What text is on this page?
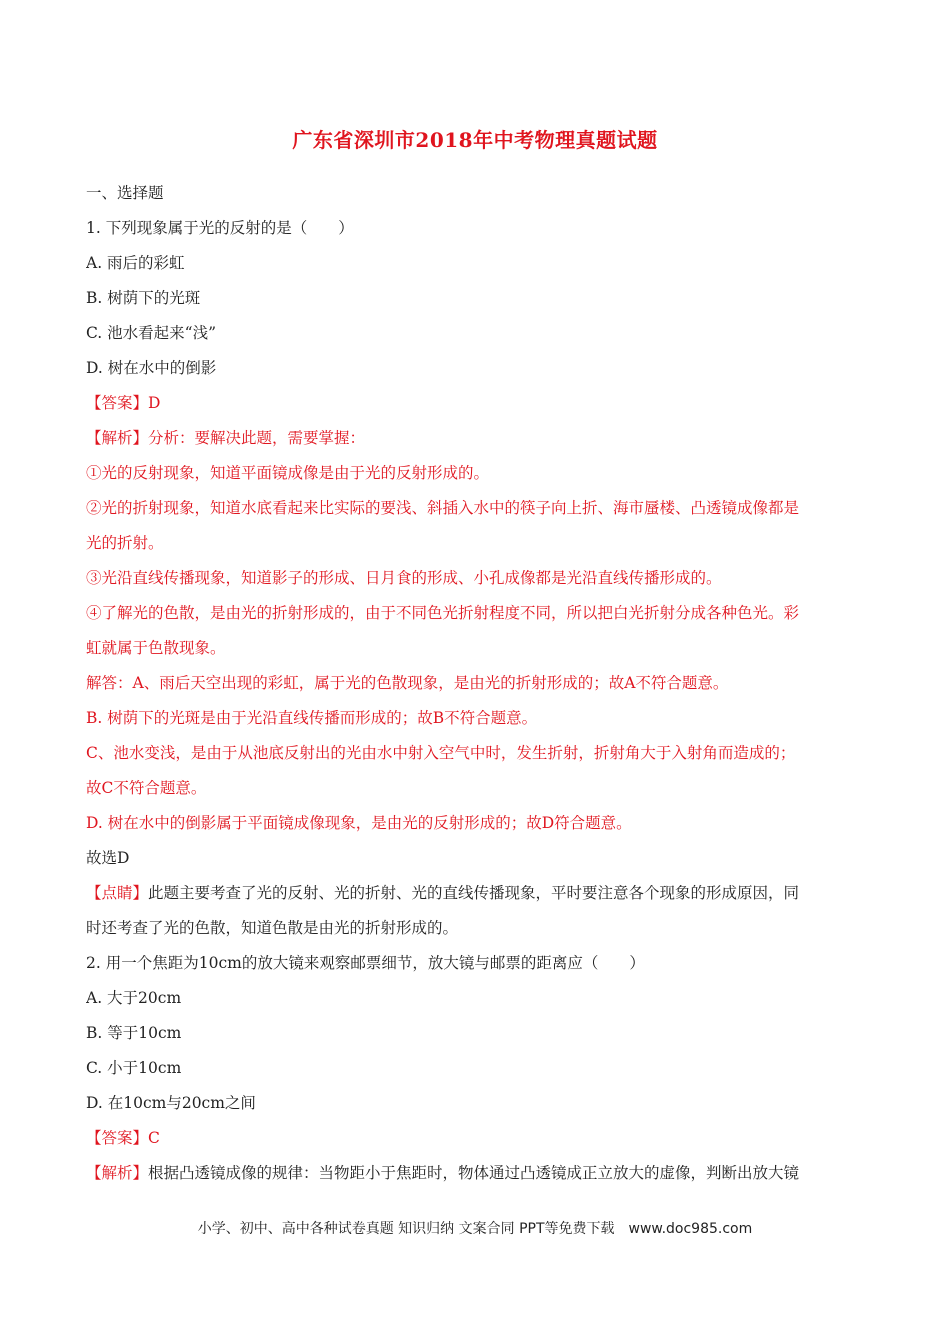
广东省深圳市2018年中考物理真题试题
一、选择题
1. 下列现象属于光的反射的是（　　）
A. 雨后的彩虹
B. 树荫下的光斑
C. 池水看起来“浅”
D. 树在水中的倒影
【答案】D
【解析】分析：要解决此题，需要掌握：
①光的反射现象，知道平面镜成像是由于光的反射形成的。
②光的折射现象，知道水底看起来比实际的要浅、斜插入水中的筷子向上折、海市蜃楼、凸透镜成像都是
光的折射。
③光沿直线传播现象，知道影子的形成、日月食的形成、小孔成像都是光沿直线传播形成的。
④了解光的色散，是由光的折射形成的，由于不同色光折射程度不同，所以把白光折射分成各种色光。彩
虹就属于色散现象。
解答：A、雨后天空出现的彩虹，属于光的色散现象，是由光的折射形成的；故A不符合题意。
B. 树荫下的光斑是由于光沿直线传播而形成的；故B不符合题意。
C、池水变浅，是由于从池底反射出的光由水中射入空气中时，发生折射，折射角大于入射角而造成的；
故C不符合题意。
D. 树在水中的倒影属于平面镜成像现象，是由光的反射形成的；故D符合题意。
故选D
【点睛】此题主要考查了光的反射、光的折射、光的直线传播现象，平时要注意各个现象的形成原因，同
时还考查了光的色散，知道色散是由光的折射形成的。
2. 用一个焦距为10cm的放大镜来观察邮票细节，放大镜与邮票的距离应（　　）
A. 大于20cm
B. 等于10cm
C. 小于10cm
D. 在10cm与20cm之间
【答案】C
【解析】根据凸透镜成像的规律：当物距小于焦距时，物体通过凸透镜成正立放大的虚像，判断出放大镜
小学、初中、高中各种试卷真题 知识归纳 文案合同 PPT等免费下载　www.doc985.com
